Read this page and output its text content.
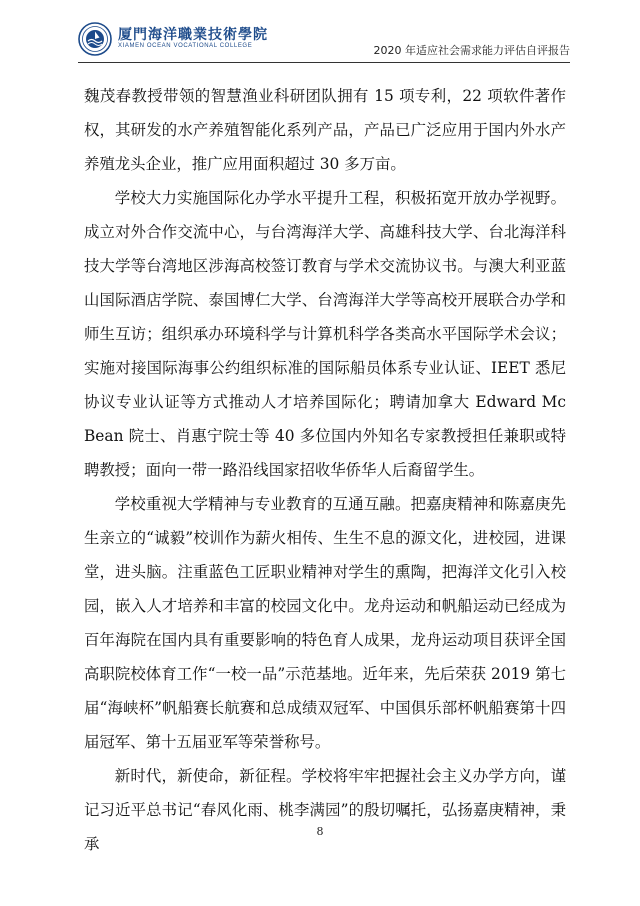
厦門海洋職業技術學院
XIAMEN OCEAN VOCATIONAL COLLEGE	2020 年适应社会需求能力评估自评报告

魏茂春教授带领的智慧渔业科研团队拥有 15 项专利，22 项软件著作权，其研发的水产养殖智能化系列产品，产品已广泛应用于国内外水产养殖龙头企业，推广应用面积超过 30 多万亩。

学校大力实施国际化办学水平提升工程，积极拓宽开放办学视野。成立对外合作交流中心，与台湾海洋大学、高雄科技大学、台北海洋科技大学等台湾地区涉海高校签订教育与学术交流协议书。与澳大利亚蓝山国际酒店学院、泰国博仁大学、台湾海洋大学等高校开展联合办学和师生互访；组织承办环境科学与计算机科学各类高水平国际学术会议；实施对接国际海事公约组织标准的国际船员体系专业认证、IEET 悉尼协议专业认证等方式推动人才培养国际化；聘请加拿大 Edward Mc Bean 院士、肖惠宁院士等 40 多位国内外知名专家教授担任兼职或特聘教授；面向一带一路沿线国家招收华侨华人后裔留学生。

学校重视大学精神与专业教育的互通互融。把嘉庚精神和陈嘉庚先生亲立的“诚毅”校训作为薪火相传、生生不息的源文化，进校园，进课堂，进头脑。注重蓝色工匠职业精神对学生的熏陶，把海洋文化引入校园，嵌入人才培养和丰富的校园文化中。龙舟运动和帆船运动已经成为百年海院在国内具有重要影响的特色育人成果，龙舟运动项目获评全国高职院校体育工作“一校一品”示范基地。近年来，先后荣获 2019 第七届“海峡杯”帆船赛长航赛和总成绩双冠军、中国俱乐部杯帆船赛第十四届冠军、第十五届亚军等荣誉称号。

新时代，新使命，新征程。学校将牢牢把握社会主义办学方向，谨记习近平总书记“春风化雨、桃李满园”的殷切嘱托，弘扬嘉庚精神，秉承

8
